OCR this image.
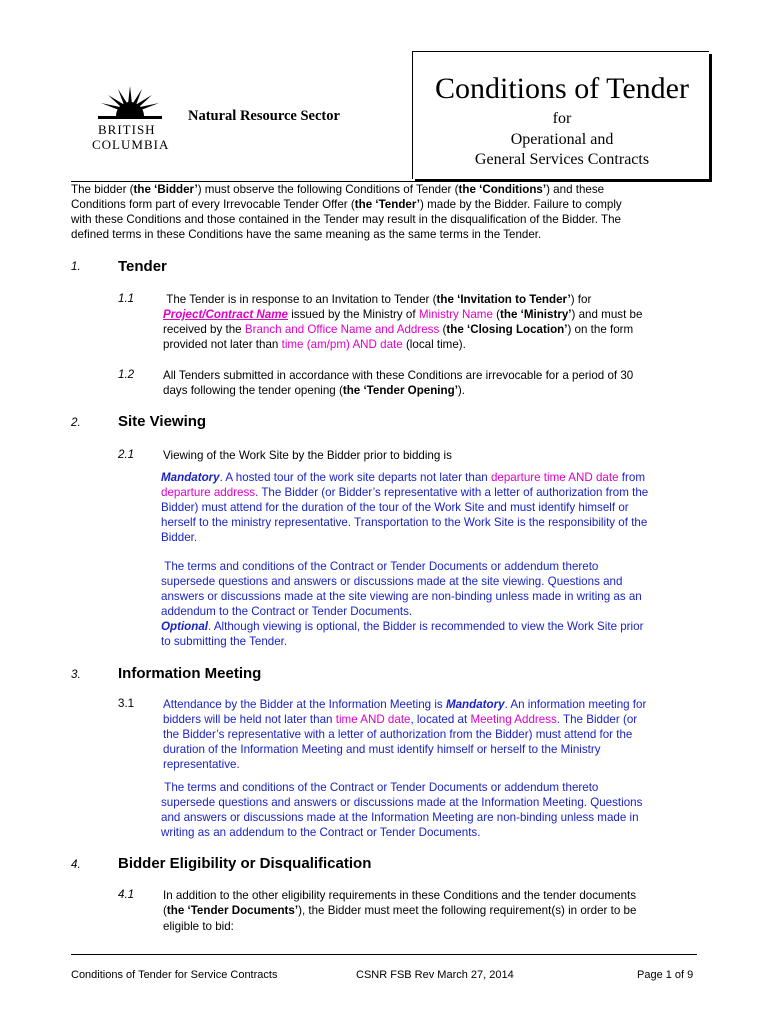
BRITISH
COLUMBIA
Natural Resource Sector
Conditions of Tender
for
Operational and
General Services Contracts
The bidder (the ‘Bidder’) must observe the following Conditions of Tender (the ‘Conditions’) and these
Conditions form part of every Irrevocable Tender Offer (the ‘Tender’) made by the Bidder. Failure to comply
with these Conditions and those contained in the Tender may result in the disqualification of the Bidder. The
defined terms in these Conditions have the same meaning as the same terms in the Tender.
1. Tender
1.1	The Tender is in response to an Invitation to Tender (the ‘Invitation to Tender’) for
Project/Contract Name issued by the Ministry of Ministry Name (the ‘Ministry’) and must be
received by the Branch and Office Name and Address (the ‘Closing Location’) on the form
provided not later than time (am/pm) AND date (local time).
1.2 All Tenders submitted in accordance with these Conditions are irrevocable for a period of 30
days following the tender opening (the ‘Tender Opening’).
2. Site Viewing
2.1 Viewing of the Work Site by the Bidder prior to bidding is
Mandatory. A hosted tour of the work site departs not later than departure time AND date from
departure address. The Bidder (or Bidder’s representative with a letter of authorization from the
Bidder) must attend for the duration of the tour of the Work Site and must identify himself or
herself to the ministry representative. Transportation to the Work Site is the responsibility of the
Bidder.
The terms and conditions of the Contract or Tender Documents or addendum thereto
supersede questions and answers or discussions made at the site viewing. Questions and
answers or discussions made at the site viewing are non-binding unless made in writing as an
addendum to the Contract or Tender Documents.
Optional. Although viewing is optional, the Bidder is recommended to view the Work Site prior
to submitting the Tender.
3. Information Meeting
3.1 Attendance by the Bidder at the Information Meeting is Mandatory. An information meeting for
bidders will be held not later than time AND date, located at Meeting Address. The Bidder (or
the Bidder’s representative with a letter of authorization from the Bidder) must attend for the
duration of the Information Meeting and must identify himself or herself to the Ministry
representative.
The terms and conditions of the Contract or Tender Documents or addendum thereto
supersede questions and answers or discussions made at the Information Meeting. Questions
and answers or discussions made at the Information Meeting are non-binding unless made in
writing as an addendum to the Contract or Tender Documents.
4. Bidder Eligibility or Disqualification
4.1 In addition to the other eligibility requirements in these Conditions and the tender documents
(the ‘Tender Documents’), the Bidder must meet the following requirement(s) in order to be
eligible to bid:
Conditions of Tender for Service Contracts	CSNR FSB Rev March 27, 2014	Page 1 of 9
